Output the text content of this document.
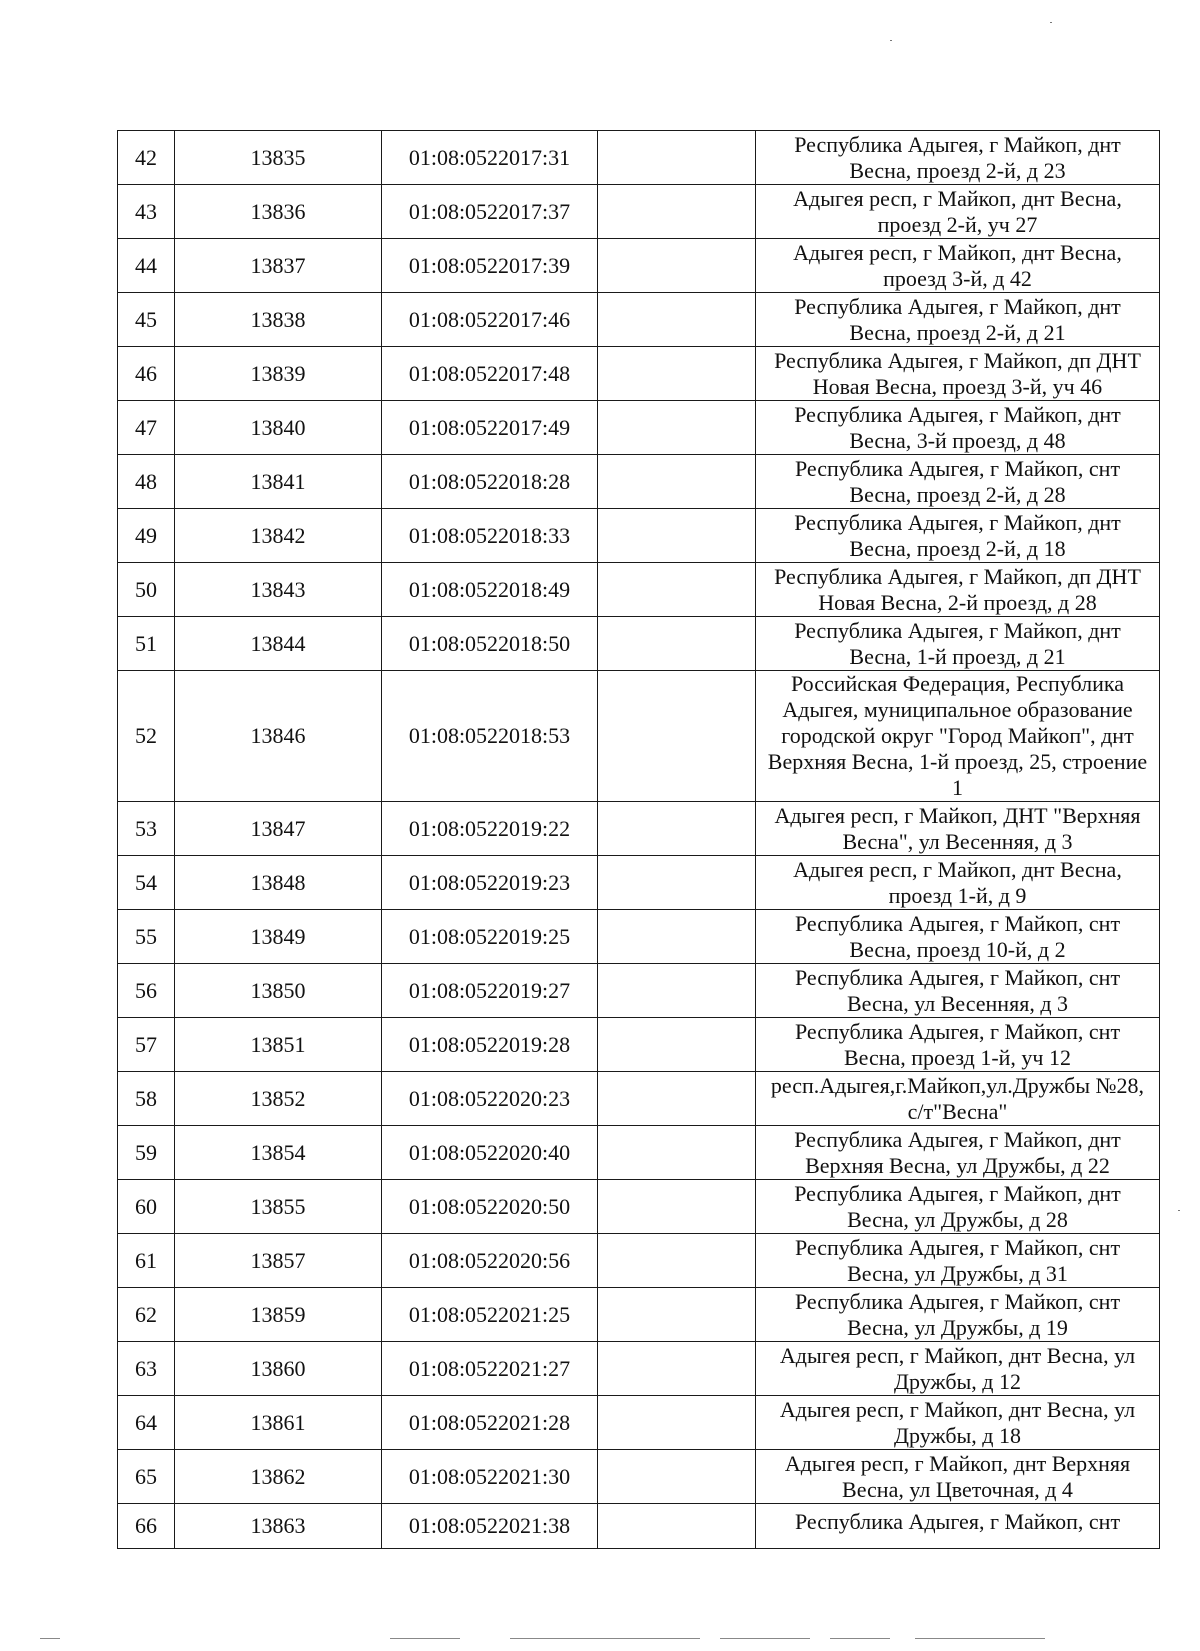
42	13835	01:08:0522017:31		Республика Адыгея, г Майкоп, днт Весна, проезд 2-й, д 23
43	13836	01:08:0522017:37		Адыгея респ, г Майкоп, днт Весна, проезд 2-й, уч 27
44	13837	01:08:0522017:39		Адыгея респ, г Майкоп, днт Весна, проезд 3-й, д 42
45	13838	01:08:0522017:46		Республика Адыгея, г Майкоп, днт Весна, проезд 2-й, д 21
46	13839	01:08:0522017:48		Республика Адыгея, г Майкоп, дп ДНТ Новая Весна, проезд 3-й, уч 46
47	13840	01:08:0522017:49		Республика Адыгея, г Майкоп, днт Весна, 3-й проезд, д 48
48	13841	01:08:0522018:28		Республика Адыгея, г Майкоп, снт Весна, проезд 2-й, д 28
49	13842	01:08:0522018:33		Республика Адыгея, г Майкоп, днт Весна, проезд 2-й, д 18
50	13843	01:08:0522018:49		Республика Адыгея, г Майкоп, дп ДНТ Новая Весна, 2-й проезд, д 28
51	13844	01:08:0522018:50		Республика Адыгея, г Майкоп, днт Весна, 1-й проезд, д 21
52	13846	01:08:0522018:53		Российская Федерация, Республика Адыгея, муниципальное образование городской округ "Город Майкоп", днт Верхняя Весна, 1-й проезд, 25, строение 1
53	13847	01:08:0522019:22		Адыгея респ, г Майкоп, ДНТ "Верхняя Весна", ул Весенняя, д 3
54	13848	01:08:0522019:23		Адыгея респ, г Майкоп, днт Весна, проезд 1-й, д 9
55	13849	01:08:0522019:25		Республика Адыгея, г Майкоп, снт Весна, проезд 10-й, д 2
56	13850	01:08:0522019:27		Республика Адыгея, г Майкоп, снт Весна, ул Весенняя, д 3
57	13851	01:08:0522019:28		Республика Адыгея, г Майкоп, снт Весна, проезд 1-й, уч 12
58	13852	01:08:0522020:23		респ.Адыгея,г.Майкоп,ул.Дружбы №28, с/т"Весна"
59	13854	01:08:0522020:40		Республика Адыгея, г Майкоп, днт Верхняя Весна, ул Дружбы, д 22
60	13855	01:08:0522020:50		Республика Адыгея, г Майкоп, днт Весна, ул Дружбы, д 28
61	13857	01:08:0522020:56		Республика Адыгея, г Майкоп, снт Весна, ул Дружбы, д 31
62	13859	01:08:0522021:25		Республика Адыгея, г Майкоп, снт Весна, ул Дружбы, д 19
63	13860	01:08:0522021:27		Адыгея респ, г Майкоп, днт Весна, ул Дружбы, д 12
64	13861	01:08:0522021:28		Адыгея респ, г Майкоп, днт Весна, ул Дружбы, д 18
65	13862	01:08:0522021:30		Адыгея респ, г Майкоп, днт Верхняя Весна, ул Цветочная, д 4
66	13863	01:08:0522021:38		Республика Адыгея, г Майкоп, снт
